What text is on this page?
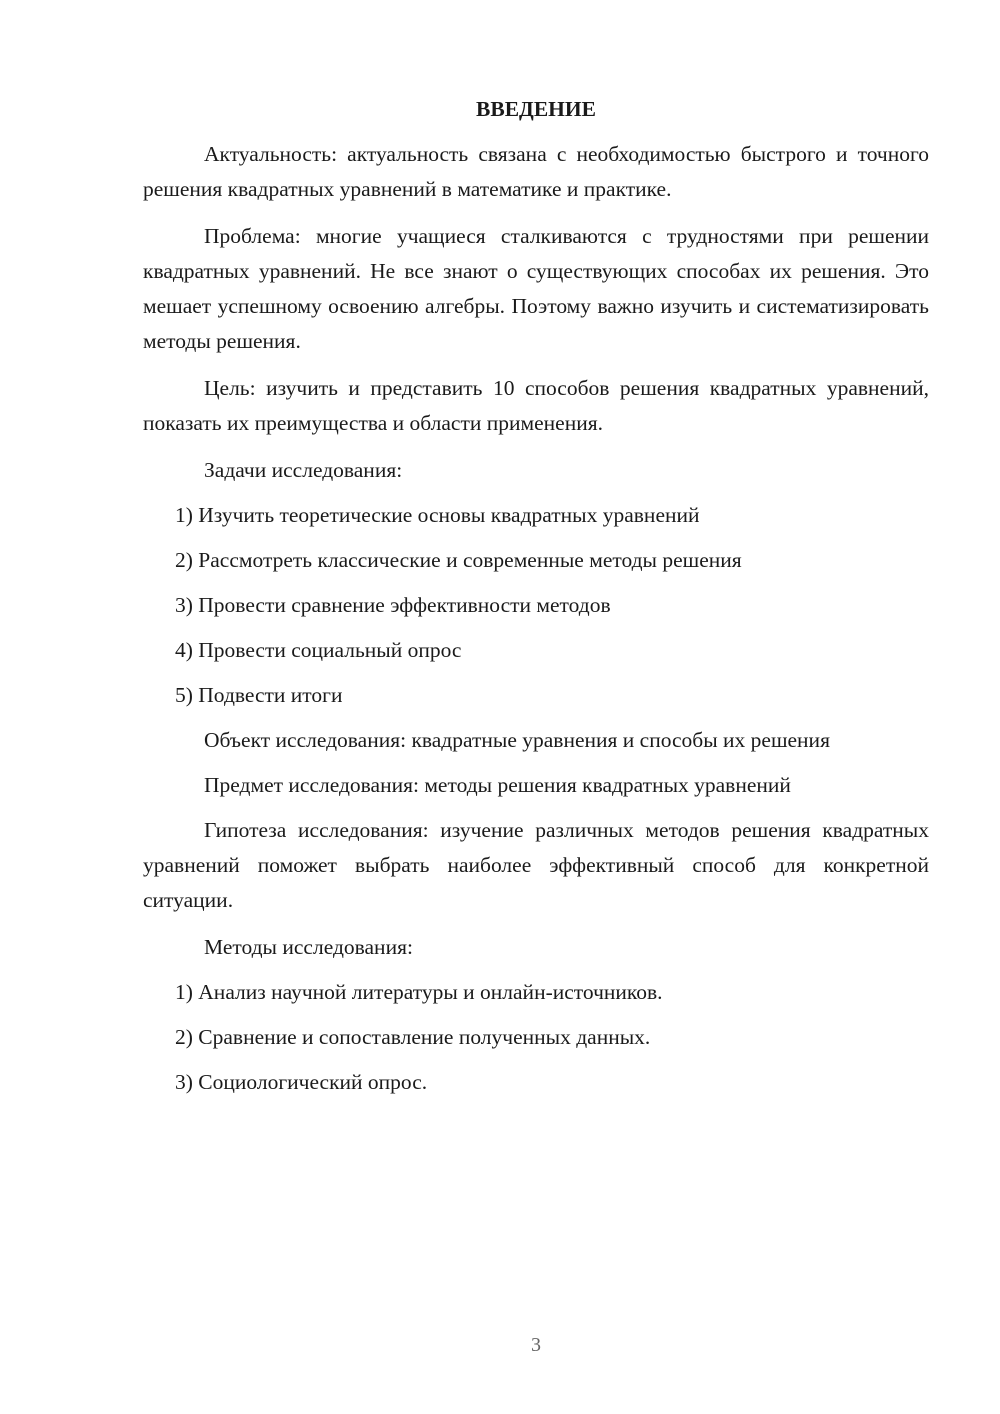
ВВЕДЕНИЕ

Актуальность: актуальность связана с необходимостью быстрого и точного решения квадратных уравнений в математике и практике.

Проблема: многие учащиеся сталкиваются с трудностями при решении квадратных уравнений. Не все знают о существующих способах их решения. Это мешает успешному освоению алгебры. Поэтому важно изучить и систематизировать методы решения.

Цель: изучить и представить 10 способов решения квадратных уравнений, показать их преимущества и области применения.

Задачи исследования:
1) Изучить теоретические основы квадратных уравнений
2) Рассмотреть классические и современные методы решения
3) Провести сравнение эффективности методов
4) Провести социальный опрос
5) Подвести итоги
Объект исследования: квадратные уравнения и способы их решения
Предмет исследования: методы решения квадратных уравнений

Гипотеза исследования: изучение различных методов решения квадратных уравнений поможет выбрать наиболее эффективный способ для конкретной ситуации.

Методы исследования:
1) Анализ научной литературы и онлайн-источников.
2) Сравнение и сопоставление полученных данных.
3) Социологический опрос.
3
